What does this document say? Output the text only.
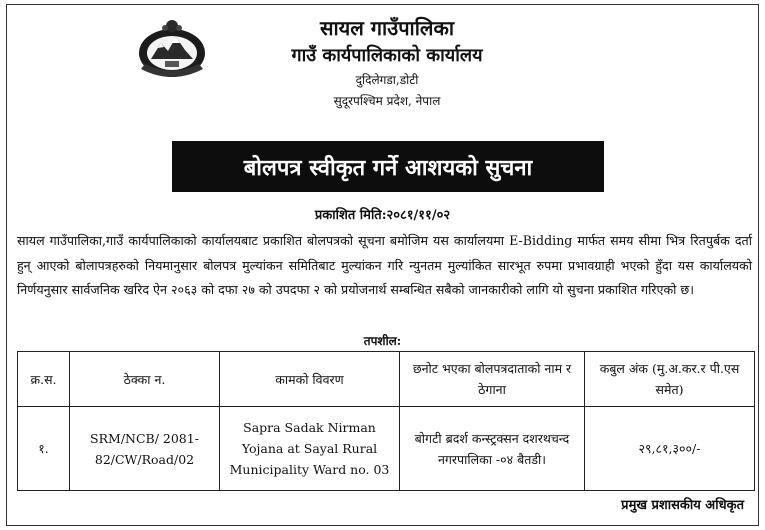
सायल गाउँपालिका
गाउँ कार्यपालिकाको कार्यालय
दुदिलेगडा,डोटी
सुदूरपश्चिम प्रदेश, नेपाल
बोलपत्र स्वीकृत गर्ने आशयको सुचना
प्रकाशित मिति:२०८१/११/०२

सायल गाउँपालिका,गाउँ कार्यपालिकाको कार्यालयबाट प्रकाशित बोलपत्रको सूचना बमोजिम यस कार्यालयमा E-Bidding मार्फत समय सीमा भित्र रितपुर्बक दर्ता हुन् आएको बोलापत्रहरुको नियमानुसार बोलपत्र मुल्यांकन समितिबाट मुल्यांकन गरि न्युनतम मुल्यांकित सारभूत रुपमा प्रभावग्राही भएको हुँदा यस कार्यालयको निर्णयनुसार सार्वजनिक खरिद ऐन २०६३ को दफा २७ को उपदफा २ को प्रयोजनार्थ सम्बन्धित सबैको जानकारीको लागि यो सुचना प्रकाशित गरिएको छ।

तपशील:
क्र.स.	ठेक्का न.	कामको विवरण	छनोट भएका बोलपत्रदाताको नाम र ठेगाना	कबुल अंक (मु.अ.कर.र पी.एस समेत)
१.	SRM/NCB/ 2081-82/CW/Road/02	Sapra Sadak Nirman Yojana at Sayal Rural Municipality Ward no. 03	बोगटी ब्रदर्श कन्स्ट्रक्सन दशरथचन्द नगरपालिका -०४ बैतडी।	२९,८१,३००/-
प्रमुख प्रशासकीय अधिकृत
